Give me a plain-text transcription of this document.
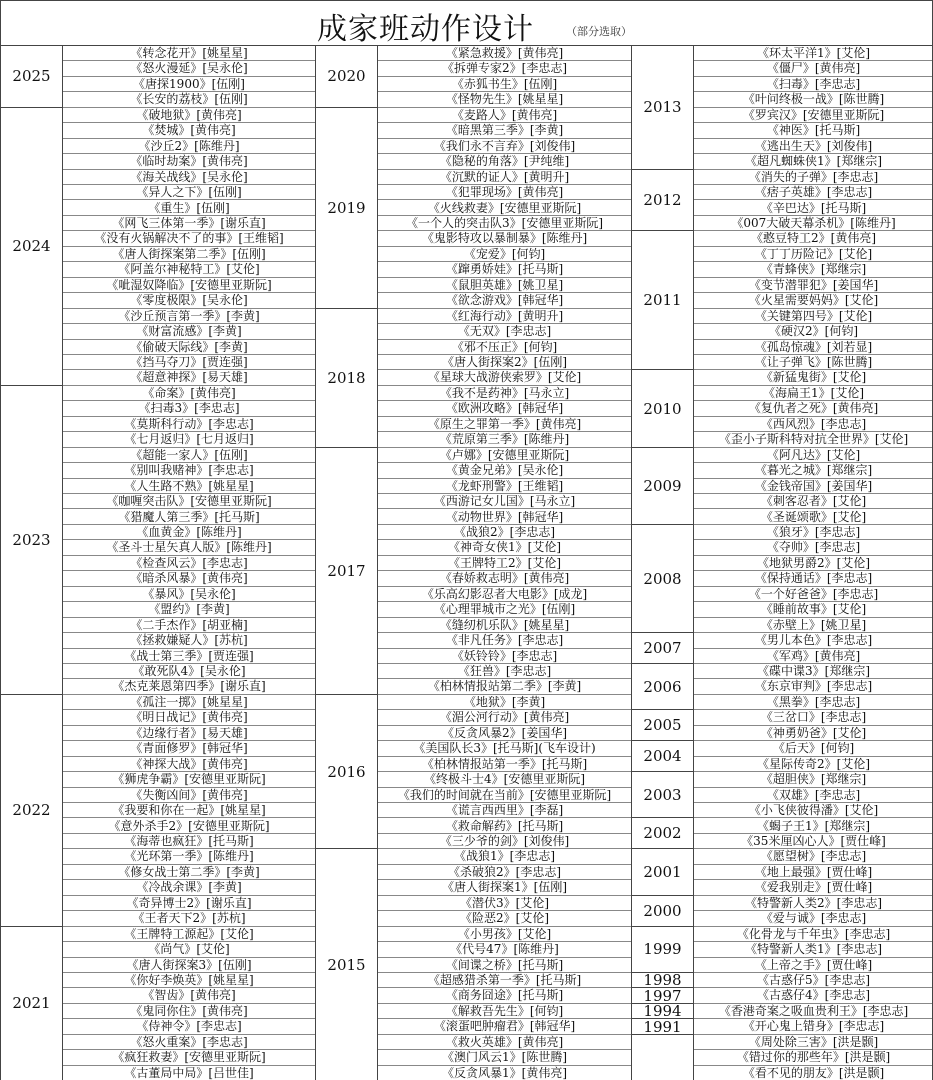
成家班动作设计	（部分选取）
2025
2024
2023
2022
2021
《转念花开》[姚星星]
《怒火漫延》[吴永伦]
《唐探1900》[伍刚]
《长安的荔枝》[伍刚]
《破地狱》[黄伟亮]
《焚城》[黄伟亮]
《沙丘2》[陈维丹]
《临时劫案》[黄伟亮]
《海关战线》[吴永伦]
《异人之下》[伍刚]
《重生》[伍刚]
《网飞三体第一季》[谢乐直]
《没有火锅解决不了的事》[王维韬]
《唐人街探案第二季》[伍刚]
《阿盖尔神秘特工》[艾伦]
《呲湿奴降临》[安德里亚斯阮]
《零度极限》[吴永伦]
《沙丘预言第一季》[李黄]
《财富流感》[李黄]
《偷破天际线》[李黄]
《挡马夺刀》[贾连强]
《超意神探》[易天雄]
《命案》[黄伟亮]
《扫毒3》[李忠志]
《莫斯科行动》[李忠志]
《七月返归》[七月返归]
《超能一家人》[伍刚]
《别叫我赌神》[李忠志]
《人生路不熟》[姚星星]
《咖喱突击队》[安德里亚斯阮]
《猎魔人第三季》[托马斯]
《血黄金》[陈维丹]
《圣斗士星矢真人版》[陈维丹]
《检查风云》[李忠志]
《暗杀风暴》[黄伟亮]
《暴风》[吴永伦]
《盟约》[李黄]
《二手杰作》[胡亚楠]
《拯救嫌疑人》[苏杭]
《战士第三季》[贾连强]
《敢死队4》[吴永伦]
《杰克莱恩第四季》[谢乐直]
《孤注一掷》[姚星星]
《明日战记》[黄伟亮]
《边缘行者》[易天雄]
《青面修罗》[韩冠华]
《神探大战》[黄伟亮]
《狮虎争霸》[安德里亚斯阮]
《失衡凶间》[黄伟亮]
《我要和你在一起》[姚星星]
《意外杀手2》[安德里亚斯阮]
《海蒂也疯狂》[托马斯]
《光环第一季》[陈维丹]
《修女战士第二季》[李黄]
《冷战余课》[李黄]
《奇异博士2》[谢乐直]
《王者天下2》[苏杭]
《王牌特工源起》[艾伦]
《尚气》[艾伦]
《唐人街探案3》[伍刚]
《你好李焕英》[姚星星]
《智齿》[黄伟亮]
《鬼同你住》[黄伟亮]
《侍神令》[李忠志]
《怒火重案》[李忠志]
《疯狂救妻》[安德里亚斯阮]
《古董局中局》[吕世佳]
2020
2019
2018
2017
2016
2015
《紧急救援》[黄伟亮]
《拆弹专家2》[李忠志]
《赤狐书生》[伍刚]
《怪物先生》[姚星星]
《麦路人》[黄伟亮]
《暗黑第三季》[李黄]
《我们永不言弃》[刘俊伟]
《隐秘的角落》[尹纯维]
《沉默的证人》[黄明升]
《犯罪现场》[黄伟亮]
《火线救妻》[安德里亚斯阮]
《一个人的突击队3》[安德里亚斯阮]
《鬼影特攻以暴制暴》[陈维丹]
《宠爱》[何钧]
《蹿勇娇娃》[托马斯]
《鼠胆英雄》[姚卫星]
《欲念游戏》[韩冠华]
《红海行动》[黄明升]
《无双》[李忠志]
《邪不压正》[何钧]
《唐人街探案2》[伍刚]
《星球大战游侠索罗》[艾伦]
《我不是药神》[马永立]
《欧洲攻略》[韩冠华]
《原生之罪第一季》[黄伟亮]
《荒原第三季》[陈维丹]
《卢娜》[安德里亚斯阮]
《黄金兄弟》[吴永伦]
《龙虾刑警》[王维韬]
《西游记女儿国》[马永立]
《动物世界》[韩冠华]
《战狼2》[李忠志]
《神奇女侠1》[艾伦]
《王牌特工2》[艾伦]
《春娇救志明》[黄伟亮]
《乐高幻影忍者大电影》[成龙]
《心理罪城市之光》[伍刚]
《缝纫机乐队》[姚星星]
《非凡任务》[李忠志]
《妖铃铃》[李忠志]
《狂兽》[李忠志]
《柏林情报站第二季》[李黄]
《地狱》[李黄]
《湄公河行动》[黄伟亮]
《反贪风暴2》[姜国华]
《美国队长3》[托马斯](飞车设计)
《柏林情报站第一季》[托马斯]
《终极斗士4》[安德里亚斯阮]
《我们的时间就在当前》[安德里亚斯阮]
《谎言西西里》[李磊]
《救命解药》[托马斯]
《三少爷的剑》[刘俊伟]
《战狼1》[李忠志]
《杀破狼2》[李忠志]
《唐人街探案1》[伍刚]
《潜伏3》[艾伦]
《险恶2》[艾伦]
《小男孩》[艾伦]
《代号47》[陈维丹]
《间谍之桥》[托马斯]
《超感猎杀第一季》[托马斯]
《商务囧途》[托马斯]
《解救吾先生》[何钧]
《滚蛋吧肿瘤君》[韩冠华]
《救火英雄》[黄伟亮]
《澳门风云1》[陈世腾]
《反贪风暴1》[黄伟亮]
2013
2012
2011
2010
2009
2008
2007
2006
2005
2004
2003
2002
2001
2000
1999
1998
1997
1994
1991
《环太平洋1》[艾伦]
《僵尸》[黄伟亮]
《扫毒》[李忠志]
《叶问终极一战》[陈世腾]
《罗宾汉》[安德里亚斯阮]
《神医》[托马斯]
《逃出生天》[刘俊伟]
《超凡蜘蛛侠1》[郑继宗]
《消失的子弹》[李忠志]
《痞子英雄》[李忠志]
《辛巴达》[托马斯]
《007大破天幕杀机》[陈维丹]
《憨豆特工2》[黄伟亮]
《丁丁历险记》[艾伦]
《青蜂侠》[郑继宗]
《变节潜罪犯》[姜国华]
《火星需要妈妈》[艾伦]
《关键第四号》[艾伦]
《硬汉2》[何钧]
《孤岛惊魂》[刘若显]
《让子弹飞》[陈世腾]
《新猛鬼街》[艾伦]
《海扁王1》[艾伦]
《复仇者之死》[黄伟亮]
《西风烈》[李忠志]
《歪小子斯科特对抗全世界》[艾伦]
《阿凡达》[艾伦]
《暮光之城》[郑继宗]
《金钱帝国》[姜国华]
《刺客忍者》[艾伦]
《圣诞颂歌》[艾伦]
《狼牙》[李忠志]
《夺帅》[李忠志]
《地狱男爵2》[艾伦]
《保持通话》[李忠志]
《一个好爸爸》[李忠志]
《睡前故事》[艾伦]
《赤壁上》[姚卫星]
《男儿本色》[李忠志]
《军鸡》[黄伟亮]
《碟中谍3》[郑继宗]
《东京审判》[李忠志]
《黑拳》[李忠志]
《三岔口》[李忠志]
《神勇奶爸》[艾伦]
《后天》[何钧]
《星际传奇2》[艾伦]
《超胆侠》[郑继宗]
《双雄》[李忠志]
《小飞侠彼得潘》[艾伦]
《蝎子王1》[郑继宗]
《35米厘凶心人》[贾仕峰]
《愿望树》[李忠志]
《地上最强》[贾仕峰]
《爱我别走》[贾仕峰]
《特警新人类2》[李忠志]
《爱与诚》[李忠志]
《化骨龙与千年虫》[李忠志]
《特警新人类1》[李忠志]
《上帝之手》[贾仕峰]
《古惑仔5》[李忠志]
《古惑仔4》[李忠志]
《香港奇案之吸血贵利王》[李忠志]
《开心鬼上错身》[李忠志]
《周处除三害》[洪是颢]
《错过你的那些年》[洪是颢]
《看不见的朋友》[洪是颢]
